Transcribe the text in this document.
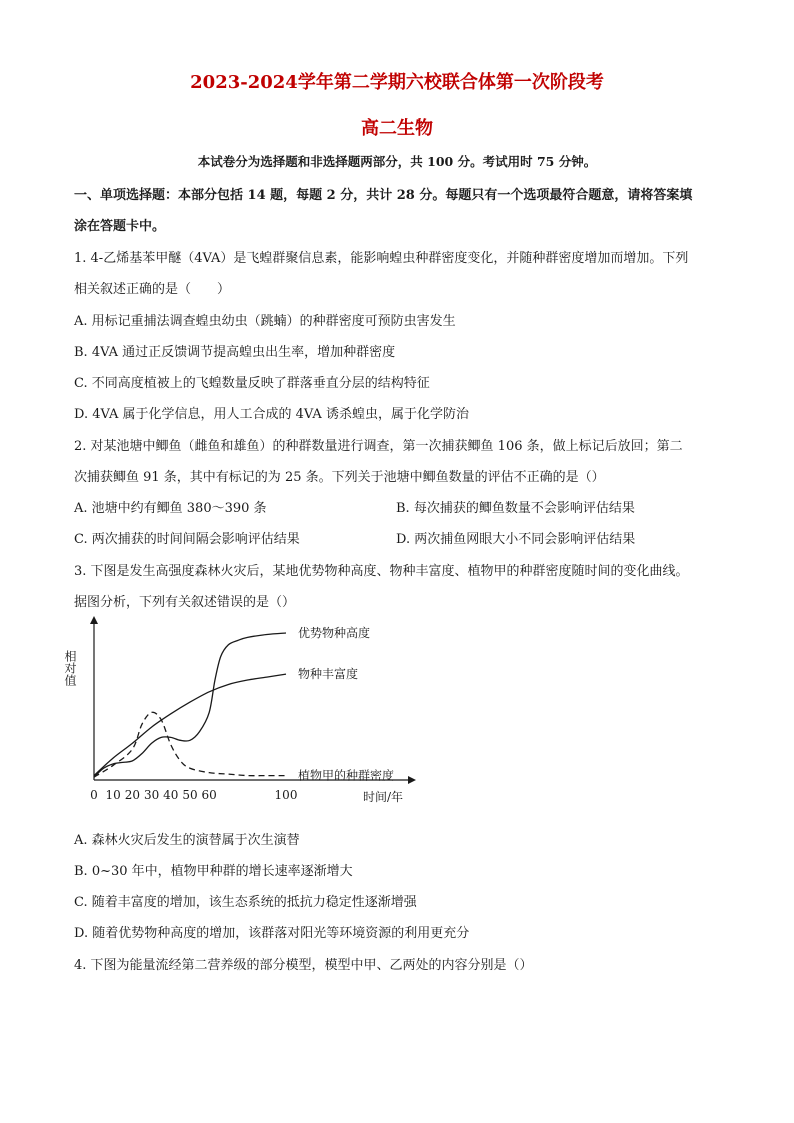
2023-2024学年第二学期六校联合体第一次阶段考
高二生物
本试卷分为选择题和非选择题两部分，共 100 分。考试用时 75 分钟。
一、单项选择题：本部分包括 14 题，每题 2 分，共计 28 分。每题只有一个选项最符合题意，请将答案填
涂在答题卡中。
1. 4-乙烯基苯甲醚（4VA）是飞蝗群聚信息素，能影响蝗虫种群密度变化，并随种群密度增加而增加。下列
相关叙述正确的是（　　）
A. 用标记重捕法调查蝗虫幼虫（跳蝻）的种群密度可预防虫害发生
B. 4VA 通过正反馈调节提高蝗虫出生率，增加种群密度
C. 不同高度植被上的飞蝗数量反映了群落垂直分层的结构特征
D. 4VA 属于化学信息，用人工合成的 4VA 诱杀蝗虫，属于化学防治
2. 对某池塘中鲫鱼（雌鱼和雄鱼）的种群数量进行调查，第一次捕获鲫鱼 106 条，做上标记后放回；第二
次捕获鲫鱼 91 条，其中有标记的为 25 条。下列关于池塘中鲫鱼数量的评估不正确的是（）
A. 池塘中约有鲫鱼 380～390 条	B. 每次捕获的鲫鱼数量不会影响评估结果
C. 两次捕获的时间间隔会影响评估结果	D. 两次捕鱼网眼大小不同会影响评估结果
3. 下图是发生高强度森林火灾后，某地优势物种高度、物种丰富度、植物甲的种群密度随时间的变化曲线。
据图分析，下列有关叙述错误的是（）
相对值
0 10 20 30 40 50 60	100	时间/年
优势物种高度
物种丰富度
植物甲的种群密度
A. 森林火灾后发生的演替属于次生演替
B. 0~30 年中，植物甲种群的增长速率逐渐增大
C. 随着丰富度的增加，该生态系统的抵抗力稳定性逐渐增强
D. 随着优势物种高度的增加，该群落对阳光等环境资源的利用更充分
4. 下图为能量流经第二营养级的部分模型，模型中甲、乙两处的内容分别是（）
